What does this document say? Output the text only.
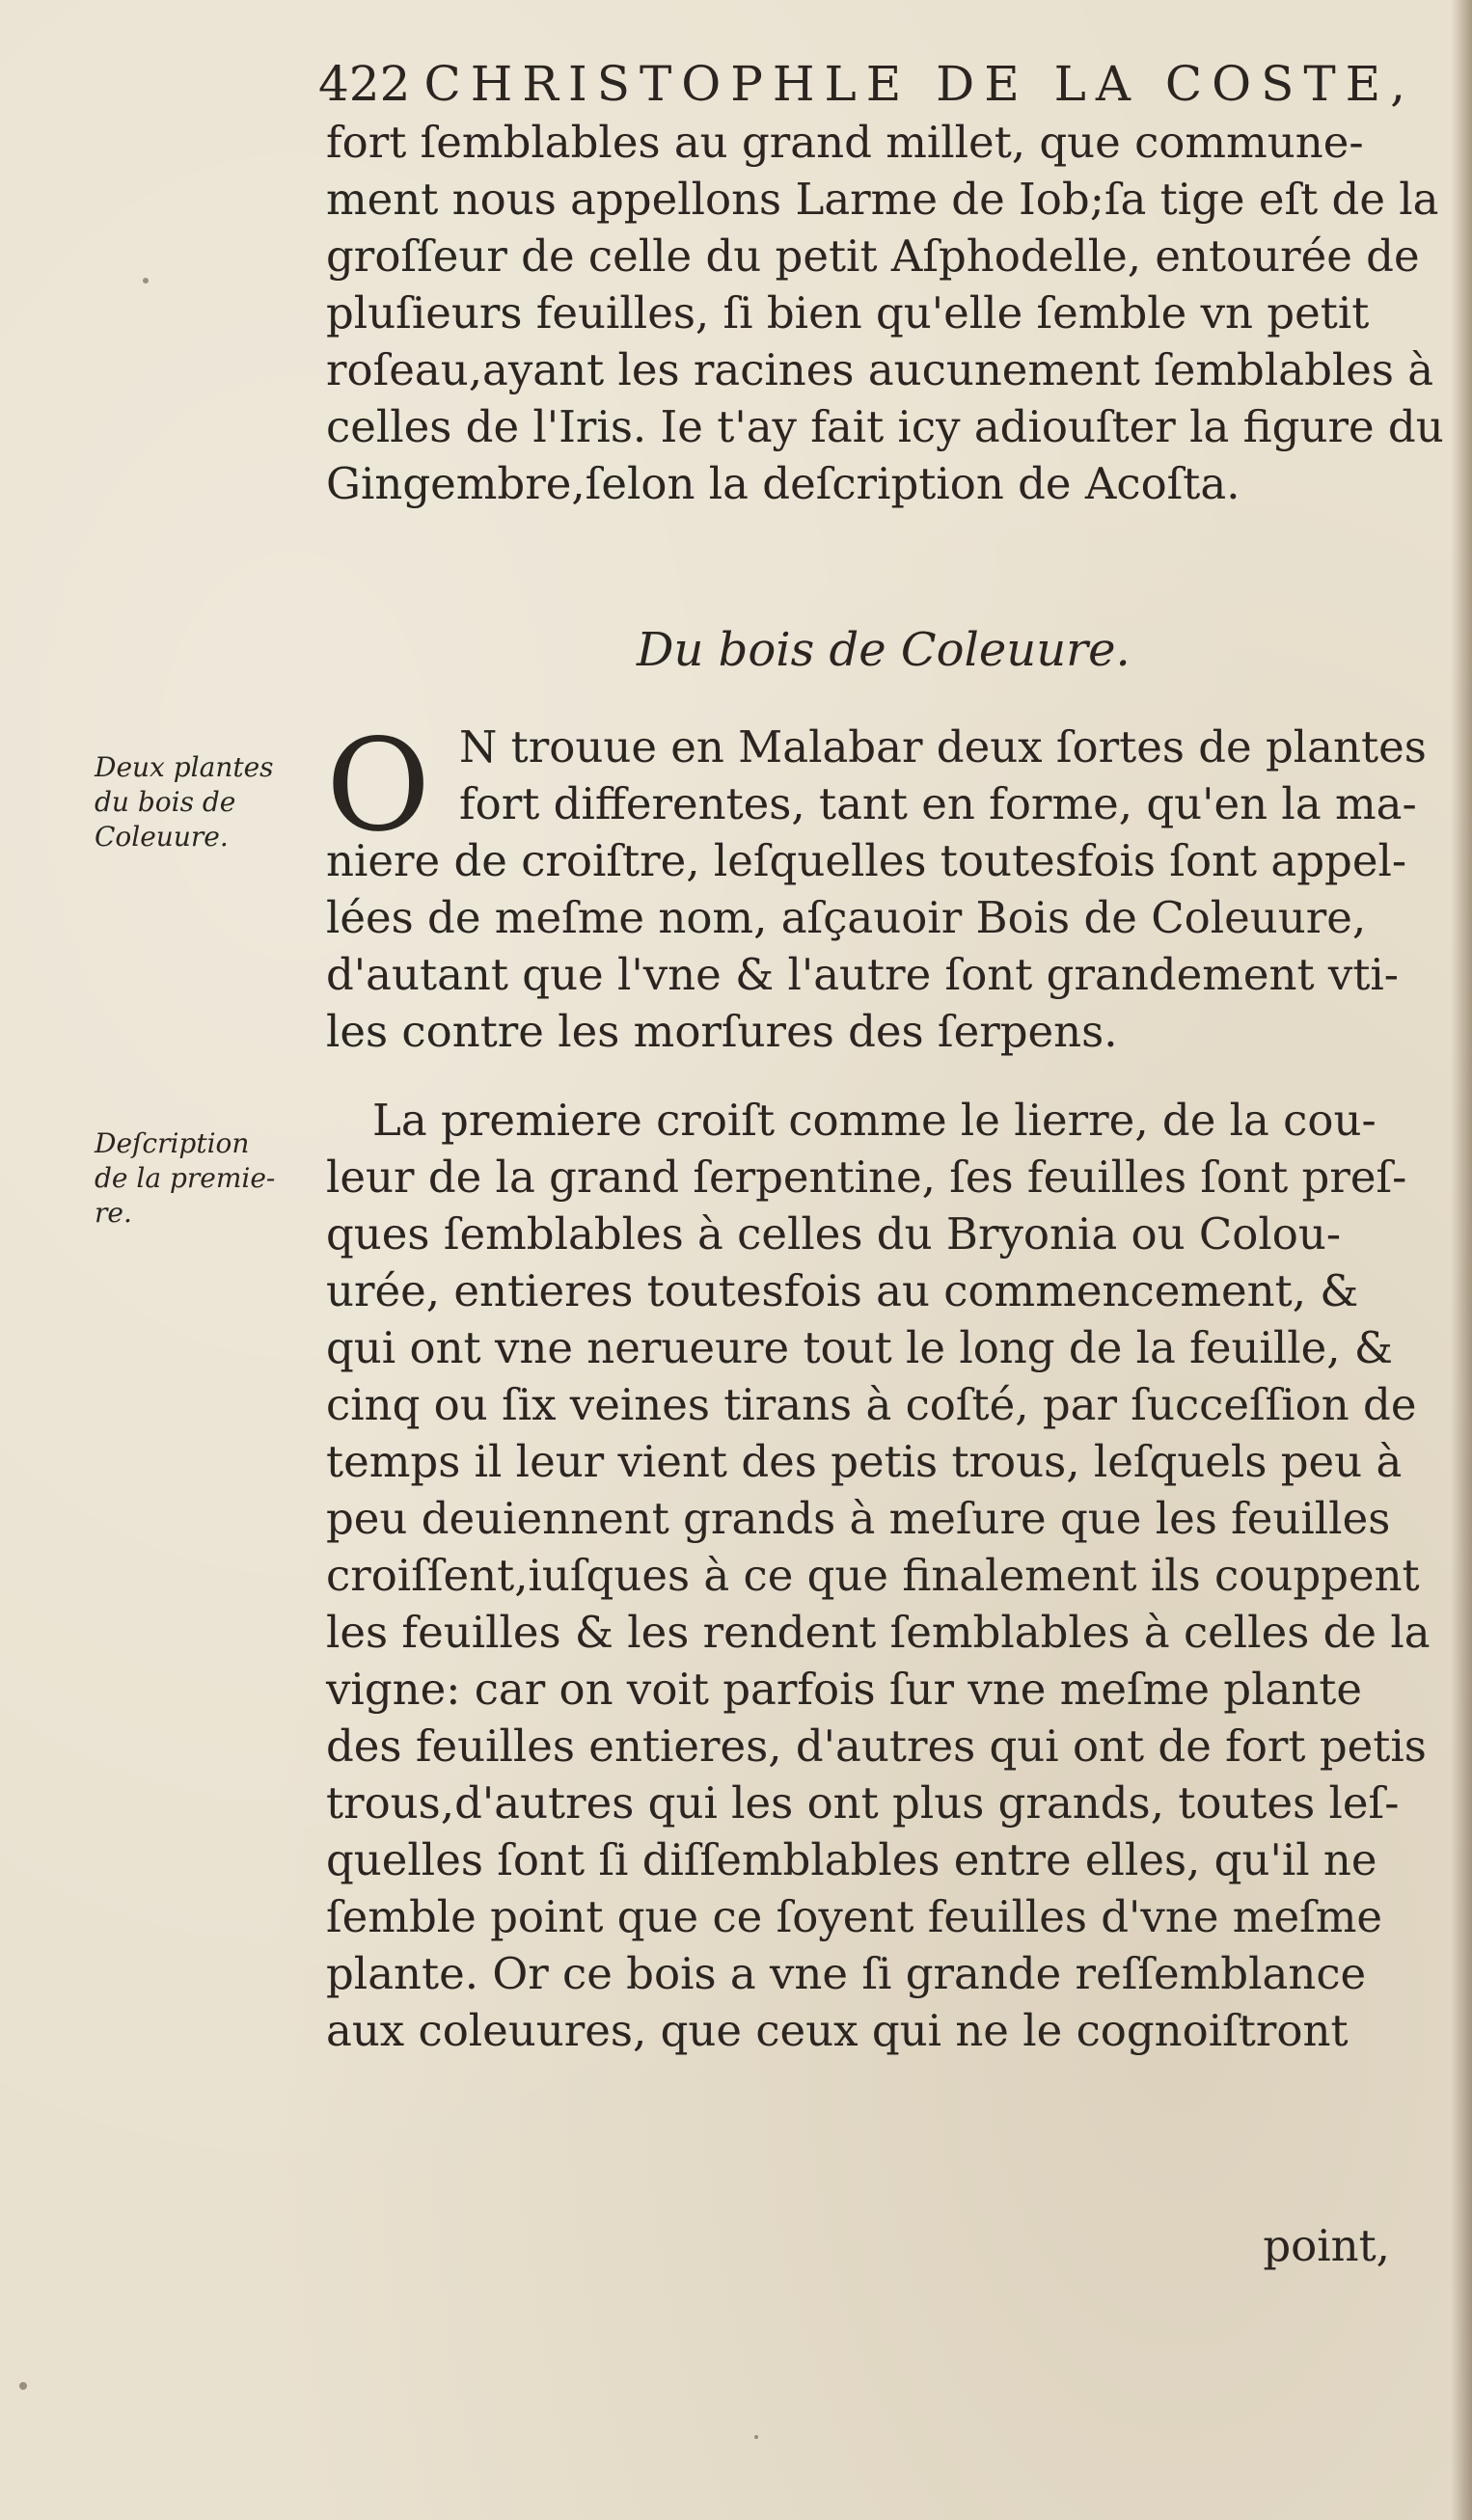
422 CHRISTOPHLE DE LA COSTE,
fort ſemblables au grand millet, que commune-
ment nous appellons Larme de Iob;ſa tige eſt de la
groſſeur de celle du petit Aſphodelle, entourée de
pluſieurs feuilles, ſi bien qu'elle ſemble vn petit
roſeau,ayant les racines aucunement ſemblables à
celles de l'Iris. Ie t'ay fait icy adiouſter la figure du
Gingembre,ſelon la deſcription de Acoſta.
Du bois de Coleuure.
O N trouue en Malabar deux ſortes de plantes
fort differentes, tant en forme, qu'en la ma-
niere de croiſtre, leſquelles toutesfois ſont appel-
lées de meſme nom, aſçauoir Bois de Coleuure,
d'autant que l'vne & l'autre ſont grandement vti-
les contre les morſures des ſerpens.
La premiere croiſt comme le lierre, de la cou-
leur de la grand ſerpentine, ſes feuilles ſont preſ-
ques ſemblables à celles du Bryonia ou Colou-
urée, entieres toutesfois au commencement, &
qui ont vne nerueure tout le long de la feuille, &
cinq ou ſix veines tirans à coſté, par ſucceſſion de
temps il leur vient des petis trous, leſquels peu à
peu deuiennent grands à meſure que les feuilles
croiſſent,iuſques à ce que finalement ils couppent
les feuilles & les rendent ſemblables à celles de la
vigne: car on voit parfois ſur vne meſme plante
des feuilles entieres, d'autres qui ont de fort petis
trous,d'autres qui les ont plus grands, toutes leſ-
quelles ſont ſi diſſemblables entre elles, qu'il ne
ſemble point que ce ſoyent feuilles d'vne meſme
plante. Or ce bois a vne ſi grande reſſemblance
aux coleuures, que ceux qui ne le cognoiſtront
point,
Deux plantes
du bois de
Coleuure.
Deſcription
de la premie-
re.
